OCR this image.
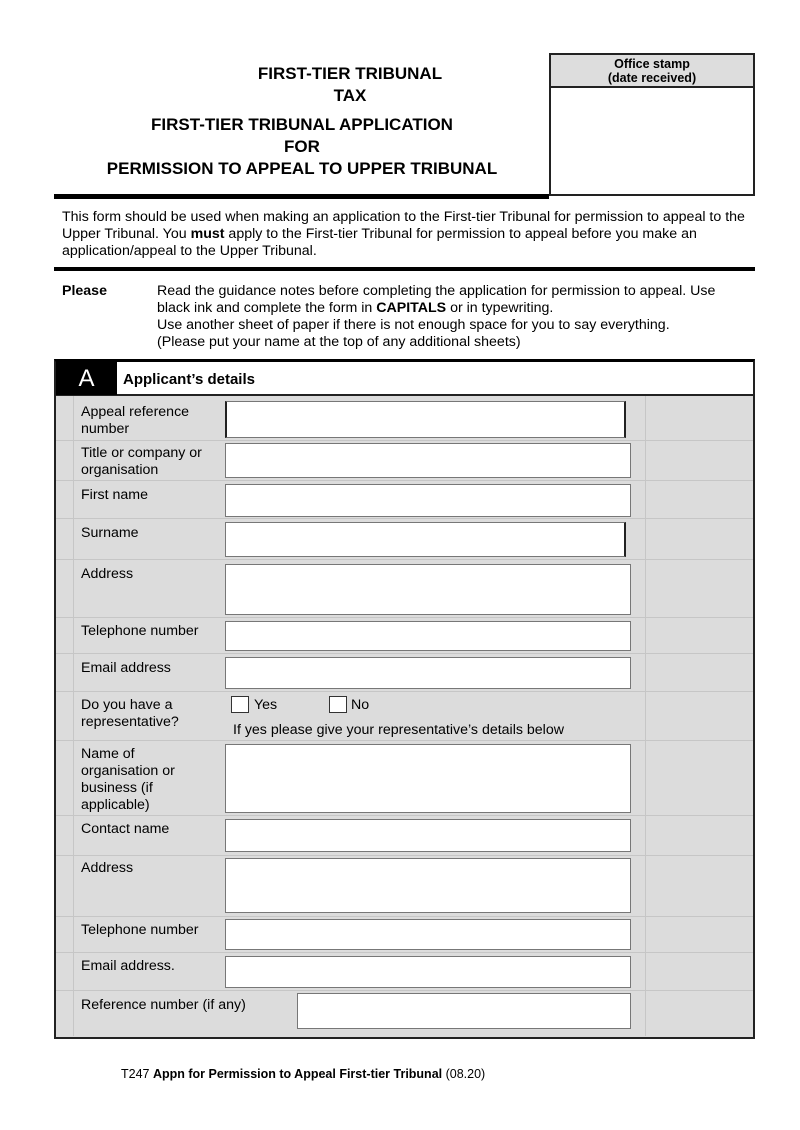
FIRST-TIER TRIBUNAL
TAX
FIRST-TIER TRIBUNAL APPLICATION
FOR
PERMISSION TO APPEAL TO UPPER TRIBUNAL
Office stamp
(date received)
This form should be used when making an application to the First-tier Tribunal for permission to appeal to the Upper Tribunal. You must apply to the First-tier Tribunal for permission to appeal before you make an application/appeal to the Upper Tribunal.
Please	Read the guidance notes before completing the application for permission to appeal. Use
black ink and complete the form in CAPITALS or in typewriting.
Use another sheet of paper if there is not enough space for you to say everything.
(Please put your name at the top of any additional sheets)
A	Applicant’s details
Appeal reference number
Title or company or organisation
First name
Surname
Address
Telephone number
Email address
Do you have a representative?
Yes	No
If yes please give your representative’s details below
Name of organisation or business (if applicable)
Contact name
Address
Telephone number
Email address.
Reference number (if any)
T247 Appn for Permission to Appeal First-tier Tribunal (08.20)
